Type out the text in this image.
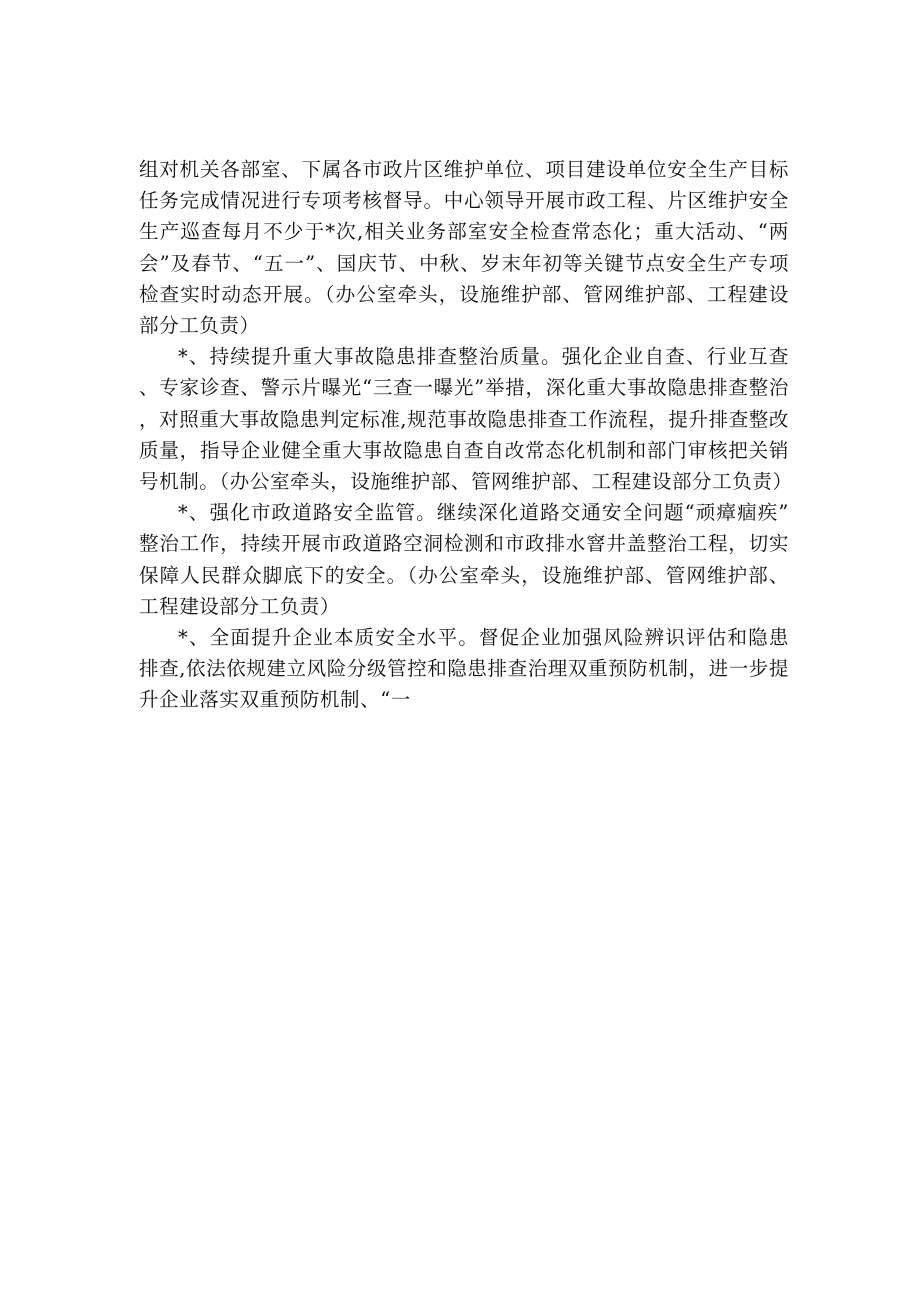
组对机关各部室、下属各市政片区维护单位、项目建设单位安全生产目标任务完成情况进行专项考核督导。中心领导开展市政工程、片区维护安全生产巡查每月不少于*次,相关业务部室安全检查常态化；重大活动、“两会”及春节、“五一”、国庆节、中秋、岁末年初等关键节点安全生产专项检查实时动态开展。（办公室牵头，设施维护部、管网维护部、工程建设部分工负责）

*、持续提升重大事故隐患排查整治质量。强化企业自查、行业互查、专家诊查、警示片曝光“三查一曝光”举措，深化重大事故隐患排查整治，对照重大事故隐患判定标准,规范事故隐患排查工作流程，提升排查整改质量，指导企业健全重大事故隐患自查自改常态化机制和部门审核把关销号机制。（办公室牵头，设施维护部、管网维护部、工程建设部分工负责）

*、强化市政道路安全监管。继续深化道路交通安全问题“顽瘴痼疾”整治工作，持续开展市政道路空洞检测和市政排水窨井盖整治工程，切实保障人民群众脚底下的安全。（办公室牵头，设施维护部、管网维护部、工程建设部分工负责）

*、全面提升企业本质安全水平。督促企业加强风险辨识评估和隐患排查,依法依规建立风险分级管控和隐患排查治理双重预防机制，进一步提升企业落实双重预防机制、“一
